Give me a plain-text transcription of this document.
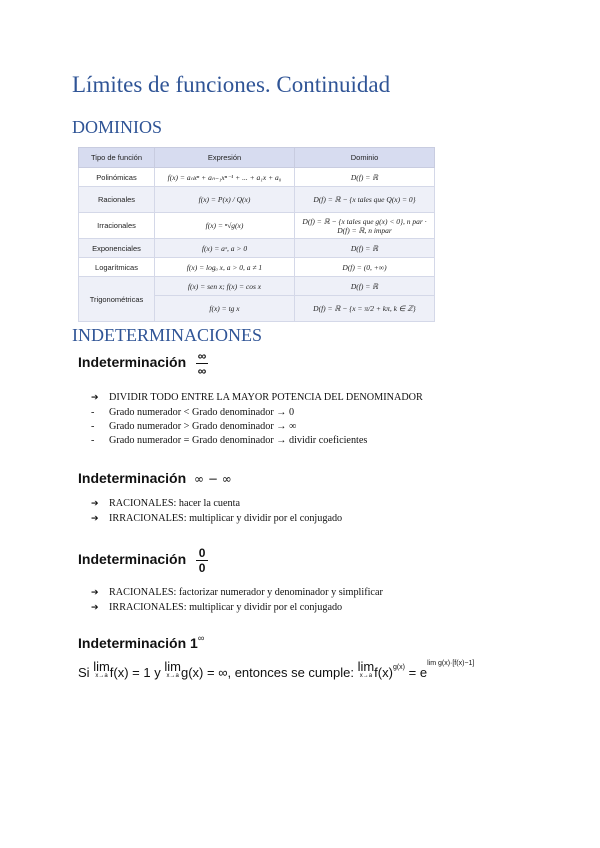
Límites de funciones. Continuidad
DOMINIOS
Tipo de función	Expresión	Dominio
Polinómicas	f(x) = aₙxⁿ + aₙ₋₁xⁿ⁻¹ + ... + a₁x + a₀	D(f) = ℝ
Racionales	f(x) = P(x) / Q(x)	D(f) = ℝ − {x tales que Q(x) = 0}
Irracionales	f(x) = ⁿ√g(x)	D(f) = ℝ − {x tales que g(x) < 0}, n par · D(f) = ℝ, n impar
Exponenciales	f(x) = aˣ, a > 0	D(f) = ℝ
Logarítmicas	f(x) = logₐ x, a > 0, a ≠ 1	D(f) = (0, +∞)
Trigonométricas	f(x) = sen x; f(x) = cos x	D(f) = ℝ
	f(x) = tg x	D(f) = ℝ − {x = π/2 + kπ, k ∈ ℤ}
INDETERMINACIONES
Indeterminación $\frac{\infty}{\infty}$
➔ DIVIDIR TODO ENTRE LA MAYOR POTENCIA DEL DENOMINADOR
- Grado numerador < Grado denominador → 0
- Grado numerador > Grado denominador → ∞
- Grado numerador = Grado denominador → dividir coeficientes
Indeterminación ∞ − ∞
➔ RACIONALES: hacer la cuenta
➔ IRRACIONALES: multiplicar y dividir por el conjugado
Indeterminación $\frac{0}{0}$
➔ RACIONALES: factorizar numerador y denominador y simplificar
➔ IRRACIONALES: multiplicar y dividir por el conjugado
Indeterminación 1∞
Si lim
x→a f(x) = 1 y lim
x→a g(x) = ∞, entonces se cumple: lim
x→a $f(x)^{g(x)} = e^{lim g(x)\cdot[f(x)-1]}$
